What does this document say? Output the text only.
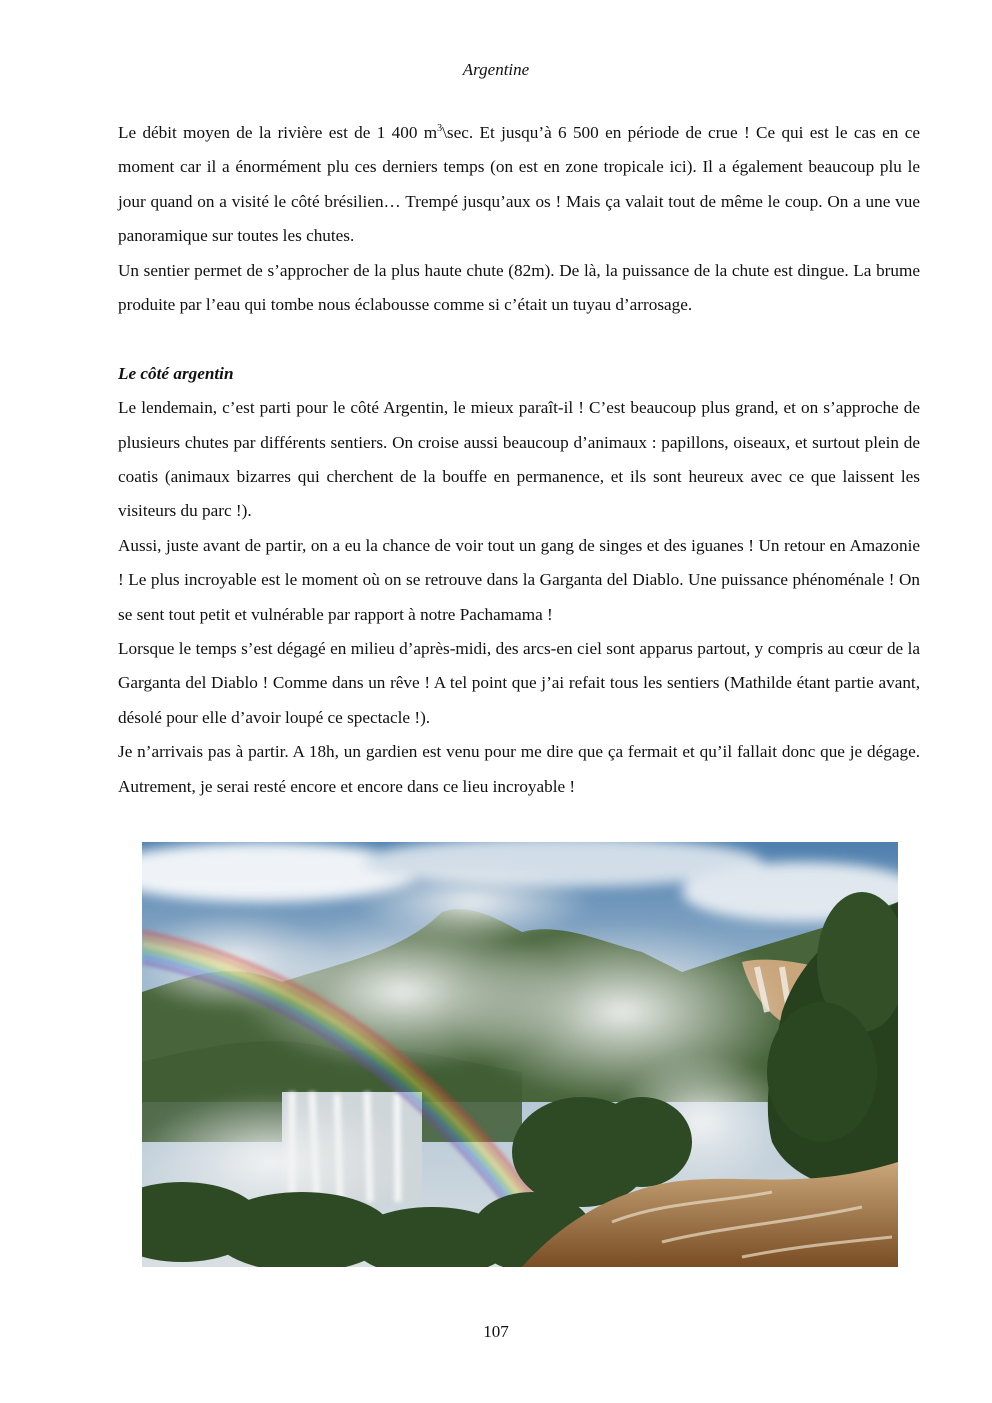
Argentine

Le débit moyen de la rivière est de 1 400 $m^3\backslash\sec$. Et jusqu’à 6 500 en période de crue ! Ce qui est le cas en ce moment car il a énormément plu ces derniers temps (on est en zone tropicale ici). Il a également beaucoup plu le jour quand on a visité le côté brésilien… Trempé jusqu’aux os ! Mais ça valait tout de même le coup. On a une vue panoramique sur toutes les chutes.

Un sentier permet de s’approcher de la plus haute chute (82m). De là, la puissance de la chute est dingue. La brume produite par l’eau qui tombe nous éclabousse comme si c’était un tuyau d’arrosage.

Le côté argentin

Le lendemain, c’est parti pour le côté Argentin, le mieux paraît-il ! C’est beaucoup plus grand, et on s’approche de plusieurs chutes par différents sentiers. On croise aussi beaucoup d’animaux : papillons, oiseaux, et surtout plein de coatis (animaux bizarres qui cherchent de la bouffe en permanence, et ils sont heureux avec ce que laissent les visiteurs du parc !).

Aussi, juste avant de partir, on a eu la chance de voir tout un gang de singes et des iguanes ! Un retour en Amazonie ! Le plus incroyable est le moment où on se retrouve dans la Garganta del Diablo. Une puissance phénoménale ! On se sent tout petit et vulnérable par rapport à notre Pachamama !

Lorsque le temps s’est dégagé en milieu d’après-midi, des arcs-en ciel sont apparus partout, y compris au cœur de la Garganta del Diablo ! Comme dans un rêve ! A tel point que j’ai refait tous les sentiers (Mathilde étant partie avant, désolé pour elle d’avoir loupé ce spectacle !).

Je n’arrivais pas à partir. A 18h, un gardien est venu pour me dire que ça fermait et qu’il fallait donc que je dégage. Autrement, je serai resté encore et encore dans ce lieu incroyable !

107
